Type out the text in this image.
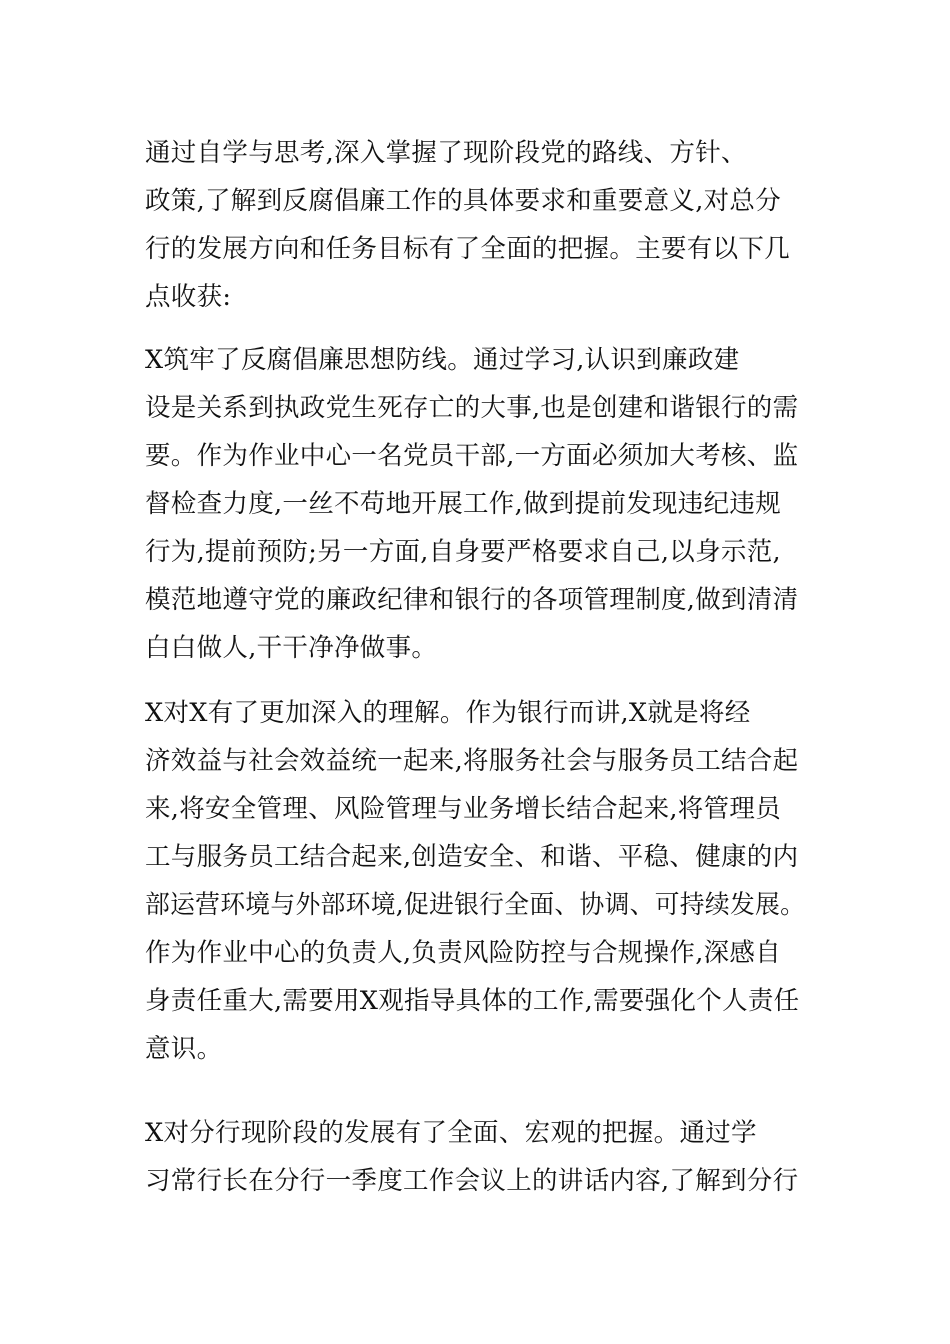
通过自学与思考,深入掌握了现阶段党的路线、方针、

政策,了解到反腐倡廉工作的具体要求和重要意义,对总分

行的发展方向和任务目标有了全面的把握。主要有以下几

点收获:

X筑牢了反腐倡廉思想防线。通过学习,认识到廉政建

设是关系到执政党生死存亡的大事,也是创建和谐银行的需

要。作为作业中心一名党员干部,一方面必须加大考核、监

督检查力度,一丝不苟地开展工作,做到提前发现违纪违规

行为,提前预防;另一方面,自身要严格要求自己,以身示范,

模范地遵守党的廉政纪律和银行的各项管理制度,做到清清

白白做人,干干净净做事。

X对X有了更加深入的理解。作为银行而讲,X就是将经

济效益与社会效益统一起来,将服务社会与服务员工结合起

来,将安全管理、风险管理与业务增长结合起来,将管理员

工与服务员工结合起来,创造安全、和谐、平稳、健康的内

部运营环境与外部环境,促进银行全面、协调、可持续发展。

作为作业中心的负责人,负责风险防控与合规操作,深感自

身责任重大,需要用X观指导具体的工作,需要强化个人责任

意识。

X对分行现阶段的发展有了全面、宏观的把握。通过学

习常行长在分行一季度工作会议上的讲话内容,了解到分行
